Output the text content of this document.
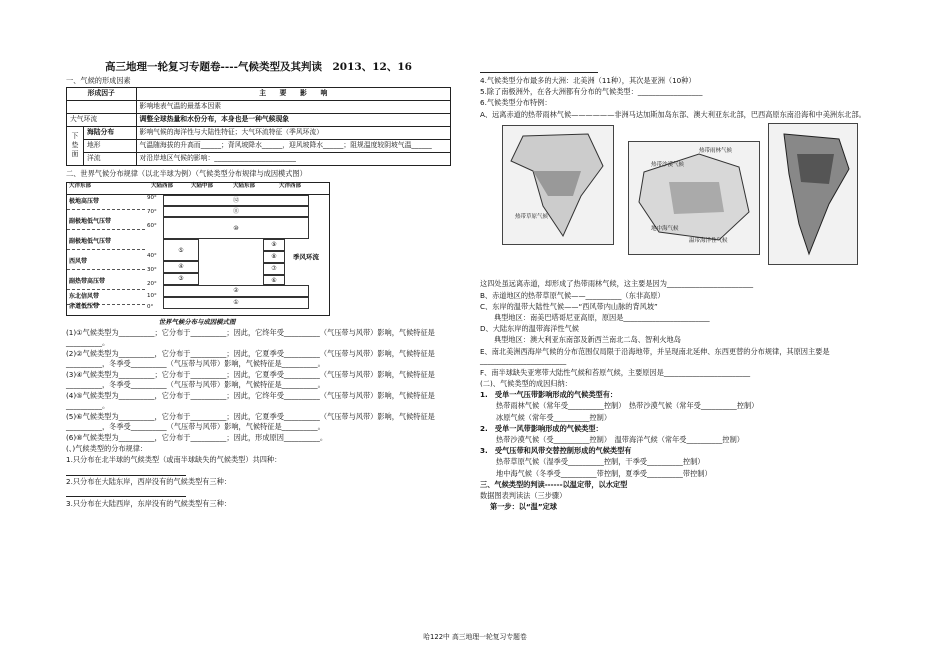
高三地理一轮复习专题卷----气候类型及其判读　2013、12、16
一、气候的形成因素
形成因子		主　　要　　影　　响
		影响地表气温的最基本因素
大气环流		调整全球热量和水份分布，本身也是一种气候现象
下垫面	海陆分布	影响气候的海洋性与大陆性特征；大气环流特征（季风环流）
	地形	气温随海拔的升高而______；背风坡降水______，迎风坡降水______；阻规温度较阴坡气温______
	洋流	对沿岸地区气候的影响：________________________
二、世界气候分布规律（以北半球为例）（气候类型分布规律与成因模式图）
大洋东部	大陆西部	大陆中部	大陆东部	大洋西部
极地高压带
副极地低气压带
副极地低气压带
西风带
副热带高压带
东北信风带
赤道低压带
90°
70°
60°
40°
30°
20°
10°
0°
⑫
⑪
⑩
⑤
④
③
②
①
⑨
⑧
⑦
⑥
季风环流
世界气候分布与成因模式图
(1)①气候类型为__________；它分布于__________；因此，它终年受__________（气压带与风带）影响，气候特征是__________。
(2)②气候类型为__________，它分布于__________；因此，它夏季受__________（气压带与风带）影响，气候特征是__________，冬季受__________（气压带与风带）影响，气候特征是__________。
(3)④气候类型为__________；它分布于__________；因此，它夏季受__________（气压带与风带）影响，气候特征是__________，冬季受__________（气压带与风带）影响，气候特征是__________。
(4)⑤气候类型为__________，它分布于__________；因此，它终年受__________（气压带与风带）影响，气候特征是__________。
(5)⑥气候类型为__________，它分布于__________；因此，它夏季受__________（气压带与风带）影响，气候特征是__________，冬季受__________（气压带与风带）影响，气候特征是__________。
(6)⑧气候类型为__________，它分布于__________；因此，形成原因__________。
(、)气候类型的分布规律：
1.只分布在北半球的气候类型（或南半球缺失的气候类型）共四种：
2.只分布在大陆东岸，西岸没有的气候类型有三种：
3.只分布在大陆西岸，东岸没有的气候类型有三种：
4.气候类型分布最多的大洲：北美洲（11种），其次是亚洲（10种）
5.除了南极洲外，在各大洲都有分布的气候类型：__________________
6.气候类型分布特例：
A、远离赤道的热带雨林气候——————非洲马达加斯加岛东部、澳大利亚东北部，巴西高原东南沿海和中美洲东北部。
热带草原气候
热带雨林气候
热带沙漠气候
地中海气候
温带海洋性气候
这四处虽远离赤道，却形成了热带雨林气候，这主要是因为________________________
B、赤道地区的热带草原气候——__________（东非高原）
C、东岸的温带大陆性气候——“西风带内山脉的背风坡”
典型地区：南美巴塔哥尼亚高原，原因是________________________
D、大陆东岸的温带海洋性气候
典型地区：澳大利亚东南部及新西兰南北二岛、智利火地岛
E、南北美洲西海岸气候的分布范围仅局限于沿海地带，并呈现南北延伸、东西更替的分布规律，其原因主要是________________________
F、南半球缺失亚寒带大陆性气候和苔原气候，主要原因是________________________
(二)、气候类型的成因归纳：
1.　受单一气压带影响形成的气候类型有：
热带雨林气候（常年受__________控制）　热带沙漠气候（常年受__________控制）
冰原气候（常年受__________控制）
2.　受单一风带影响形成的气候类型：
热带沙漠气候（受__________控制）　温带海洋气候（常年受__________控制）
3.　受气压带和风带交替控制形成的气候类型有
热带草原气候（湿季受__________控制，干季受__________控制）
地中海气候（冬季受__________带控制，夏季受__________带控制）
三、气候类型的判读------以温定带，以水定型
数据图表判读法（三步骤）
第一步：以“温”定球
哈122中 高三地理一轮复习专题卷
